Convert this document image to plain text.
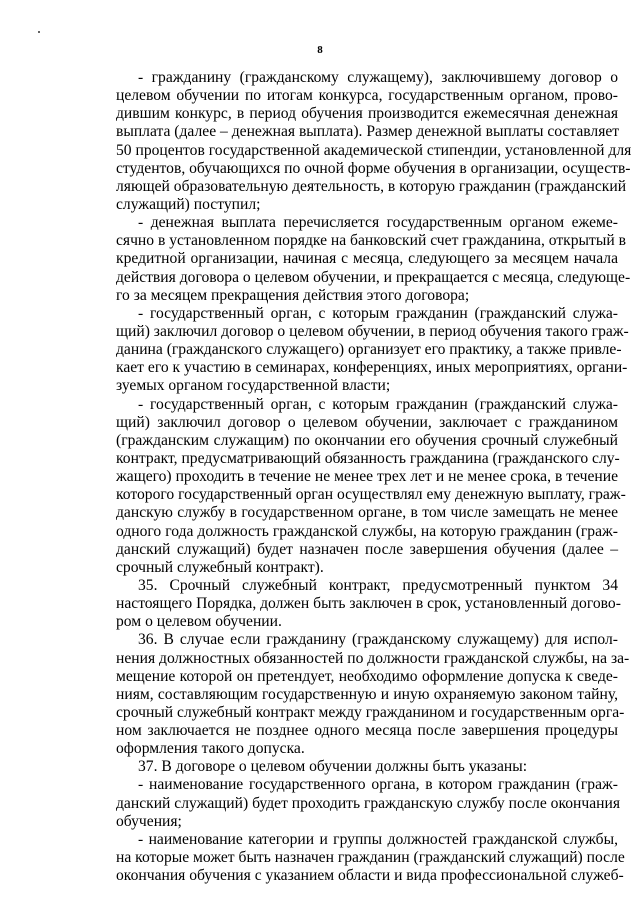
8
- гражданину (гражданскому служащему), заключившему договор о
целевом обучении по итогам конкурса, государственным органом, прово-
дившим конкурс, в период обучения производится ежемесячная денежная
выплата (далее – денежная выплата). Размер денежной выплаты составляет
50 процентов государственной академической стипендии, установленной для
студентов, обучающихся по очной форме обучения в организации, осуществ-
ляющей образовательную деятельность, в которую гражданин (гражданский
служащий) поступил;
- денежная выплата перечисляется государственным органом ежеме-
сячно в установленном порядке на банковский счет гражданина, открытый в
кредитной организации, начиная с месяца, следующего за месяцем начала
действия договора о целевом обучении, и прекращается с месяца, следующе-
го за месяцем прекращения действия этого договора;
- государственный орган, с которым гражданин (гражданский служа-
щий) заключил договор о целевом обучении, в период обучения такого граж-
данина (гражданского служащего) организует его практику, а также привле-
кает его к участию в семинарах, конференциях, иных мероприятиях, органи-
зуемых органом государственной власти;
- государственный орган, с которым гражданин (гражданский служа-
щий) заключил договор о целевом обучении, заключает с гражданином
(гражданским служащим) по окончании его обучения срочный служебный
контракт, предусматривающий обязанность гражданина (гражданского слу-
жащего) проходить в течение не менее трех лет и не менее срока, в течение
которого государственный орган осуществлял ему денежную выплату, граж-
данскую службу в государственном органе, в том числе замещать не менее
одного года должность гражданской службы, на которую гражданин (граж-
данский служащий) будет назначен после завершения обучения (далее –
срочный служебный контракт).
35. Срочный служебный контракт, предусмотренный пунктом 34
настоящего Порядка, должен быть заключен в срок, установленный догово-
ром о целевом обучении.
36. В случае если гражданину (гражданскому служащему) для испол-
нения должностных обязанностей по должности гражданской службы, на за-
мещение которой он претендует, необходимо оформление допуска к сведе-
ниям, составляющим государственную и иную охраняемую законом тайну,
срочный служебный контракт между гражданином и государственным орга-
ном заключается не позднее одного месяца после завершения процедуры
оформления такого допуска.
37. В договоре о целевом обучении должны быть указаны:
- наименование государственного органа, в котором гражданин (граж-
данский служащий) будет проходить гражданскую службу после окончания
обучения;
- наименование категории и группы должностей гражданской службы,
на которые может быть назначен гражданин (гражданский служащий) после
окончания обучения с указанием области и вида профессиональной служеб-
